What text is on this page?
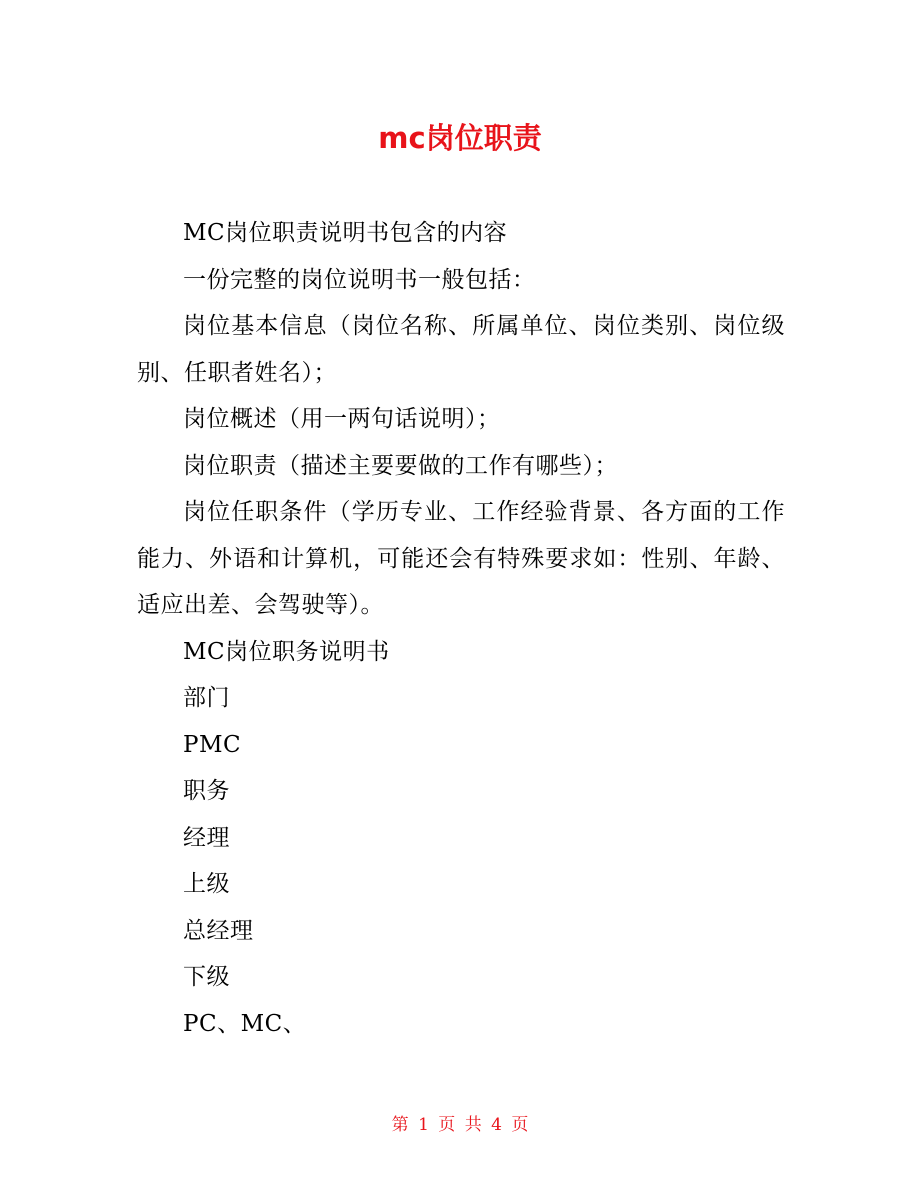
mc岗位职责

MC岗位职责说明书包含的内容

一份完整的岗位说明书一般包括：

岗位基本信息（岗位名称、所属单位、岗位类别、岗位级别、任职者姓名）；

岗位概述（用一两句话说明）；

岗位职责（描述主要要做的工作有哪些）；

岗位任职条件（学历专业、工作经验背景、各方面的工作能力、外语和计算机，可能还会有特殊要求如：性别、年龄、适应出差、会驾驶等）。

MC岗位职务说明书

部门

PMC

职务

经理

上级

总经理

下级

PC、MC、

第 1 页 共 4 页
